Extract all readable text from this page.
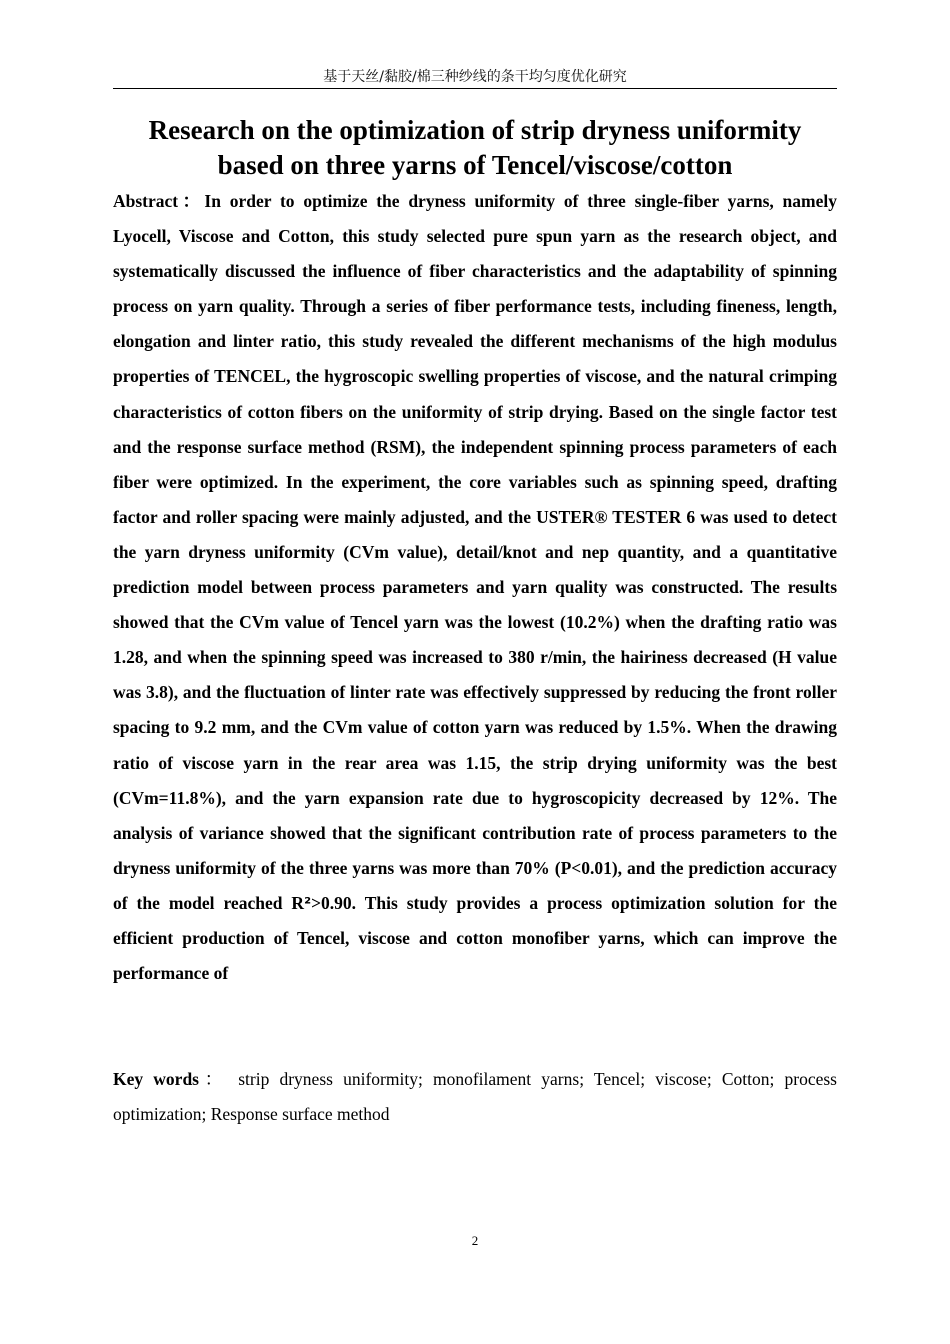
基于天丝/黏胶/棉三种纱线的条干均匀度优化研究
Research on the optimization of strip dryness uniformity
based on three yarns of Tencel/viscose/cotton

Abstract：In order to optimize the dryness uniformity of three single-fiber yarns, namely Lyocell, Viscose and Cotton, this study selected pure spun yarn as the research object, and systematically discussed the influence of fiber characteristics and the adaptability of spinning process on yarn quality. Through a series of fiber performance tests, including fineness, length, elongation and linter ratio, this study revealed the different mechanisms of the high modulus properties of TENCEL, the hygroscopic swelling properties of viscose, and the natural crimping characteristics of cotton fibers on the uniformity of strip drying. Based on the single factor test and the response surface method (RSM), the independent spinning process parameters of each fiber were optimized. In the experiment, the core variables such as spinning speed, drafting factor and roller spacing were mainly adjusted, and the USTER® TESTER 6 was used to detect the yarn dryness uniformity (CVm value), detail/knot and nep quantity, and a quantitative prediction model between process parameters and yarn quality was constructed. The results showed that the CVm value of Tencel yarn was the lowest (10.2%) when the drafting ratio was 1.28, and when the spinning speed was increased to 380 r/min, the hairiness decreased (H value was 3.8), and the fluctuation of linter rate was effectively suppressed by reducing the front roller spacing to 9.2 mm, and the CVm value of cotton yarn was reduced by 1.5%. When the drawing ratio of viscose yarn in the rear area was 1.15, the strip drying uniformity was the best (CVm=11.8%), and the yarn expansion rate due to hygroscopicity decreased by 12%. The analysis of variance showed that the significant contribution rate of process parameters to the dryness uniformity of the three yarns was more than 70% (P<0.01), and the prediction accuracy of the model reached R²>0.90. This study provides a process optimization solution for the efficient production of Tencel, viscose and cotton monofiber yarns, which can improve the performance of

Key words： strip dryness uniformity; monofilament yarns; Tencel; viscose; Cotton; process optimization; Response surface method

2
